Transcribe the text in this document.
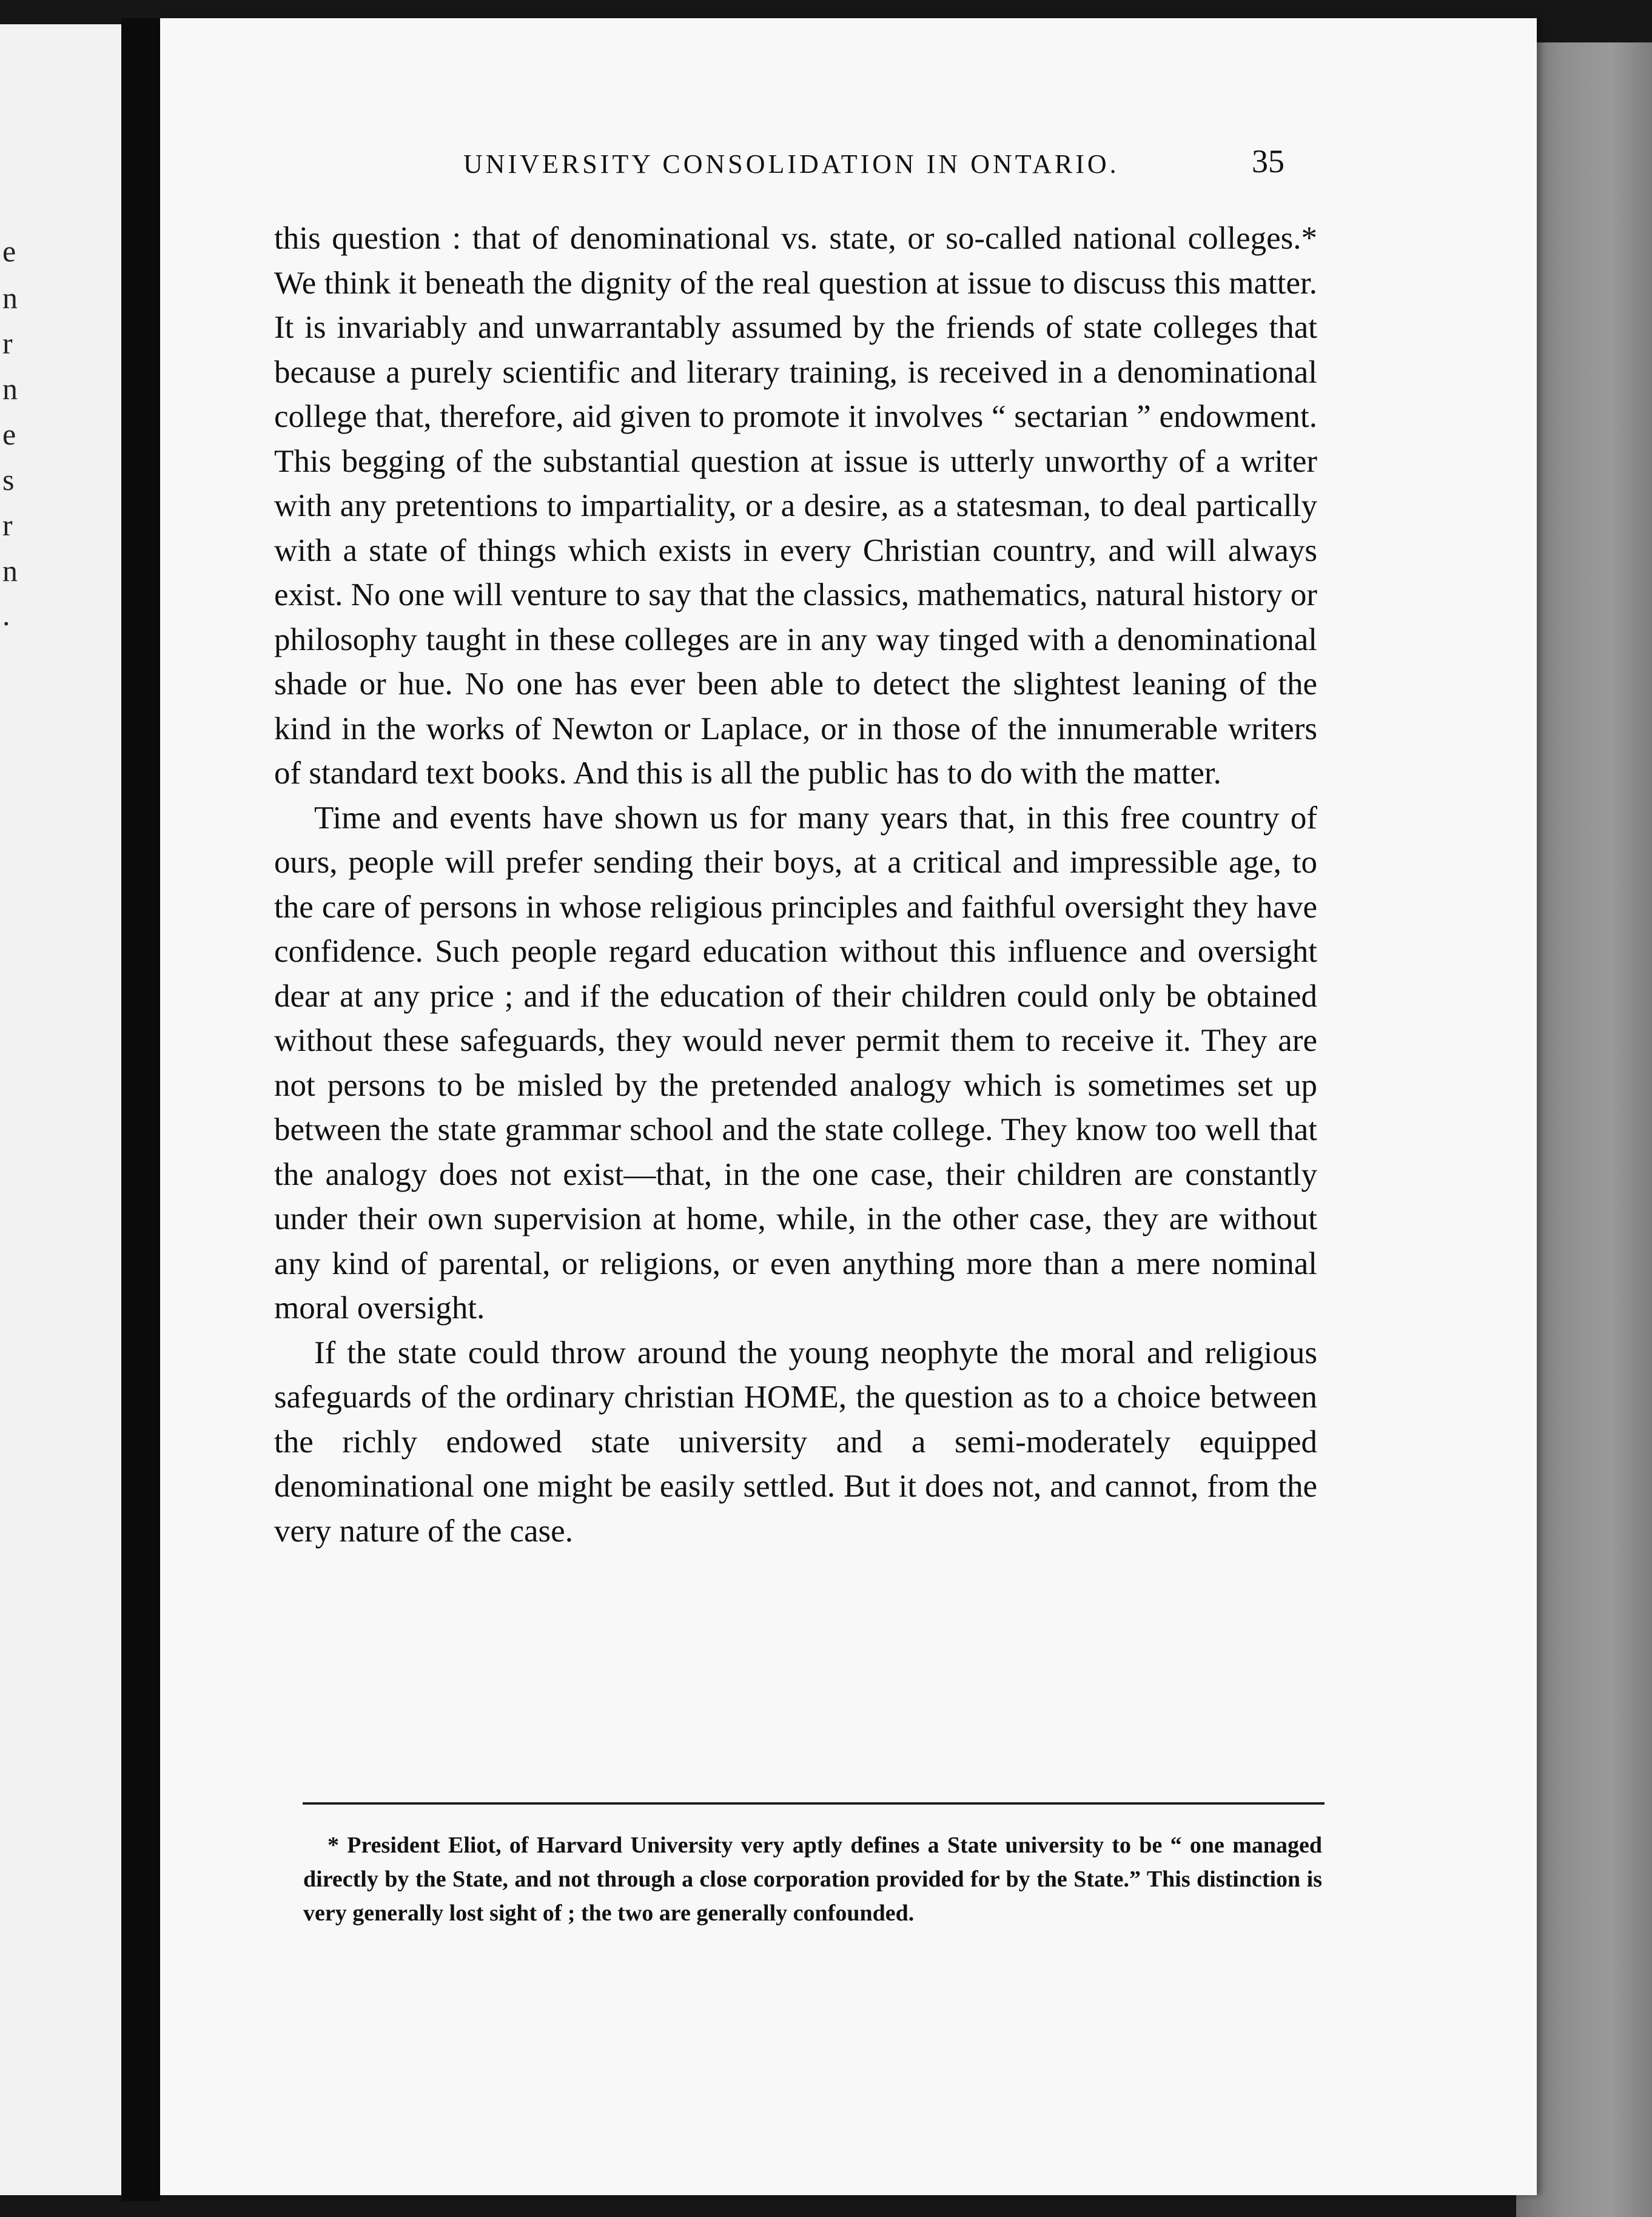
e
n
r
n
e
s
r
n
.
UNIVERSITY CONSOLIDATION IN ONTARIO.	35

this question : that of denominational vs. state, or so-called national colleges.* We think it beneath the dignity of the real question at issue to discuss this matter. It is invariably and unwarrantably assumed by the friends of state colleges that because a purely scientific and literary training, is received in a denominational college that, therefore, aid given to promote it involves “ sectarian ” endowment. This begging of the substantial question at issue is utterly unworthy of a writer with any pretentions to impartiality, or a desire, as a statesman, to deal partically with a state of things which exists in every Christian country, and will always exist. No one will venture to say that the classics, mathematics, natural history or philosophy taught in these colleges are in any way tinged with a denominational shade or hue. No one has ever been able to detect the slightest leaning of the kind in the works of Newton or Laplace, or in those of the innumerable writers of standard text books. And this is all the public has to do with the matter.

Time and events have shown us for many years that, in this free country of ours, people will prefer sending their boys, at a critical and impressible age, to the care of persons in whose religious principles and faithful oversight they have confidence. Such people regard education without this influence and oversight dear at any price ; and if the education of their children could only be obtained without these safeguards, they would never permit them to receive it. They are not persons to be misled by the pretended analogy which is sometimes set up between the state grammar school and the state college. They know too well that the analogy does not exist—that, in the one case, their children are constantly under their own supervision at home, while, in the other case, they are without any kind of parental, or religions, or even anything more than a mere nominal moral oversight.

If the state could throw around the young neophyte the moral and religious safeguards of the ordinary christian HOME, the question as to a choice between the richly endowed state university and a semi-moderately equipped denominational one might be easily settled. But it does not, and cannot, from the very nature of the case.

* President Eliot, of Harvard University very aptly defines a State university to be “ one managed directly by the State, and not through a close corporation provided for by the State.” This distinction is very generally lost sight of ; the two are generally confounded.
